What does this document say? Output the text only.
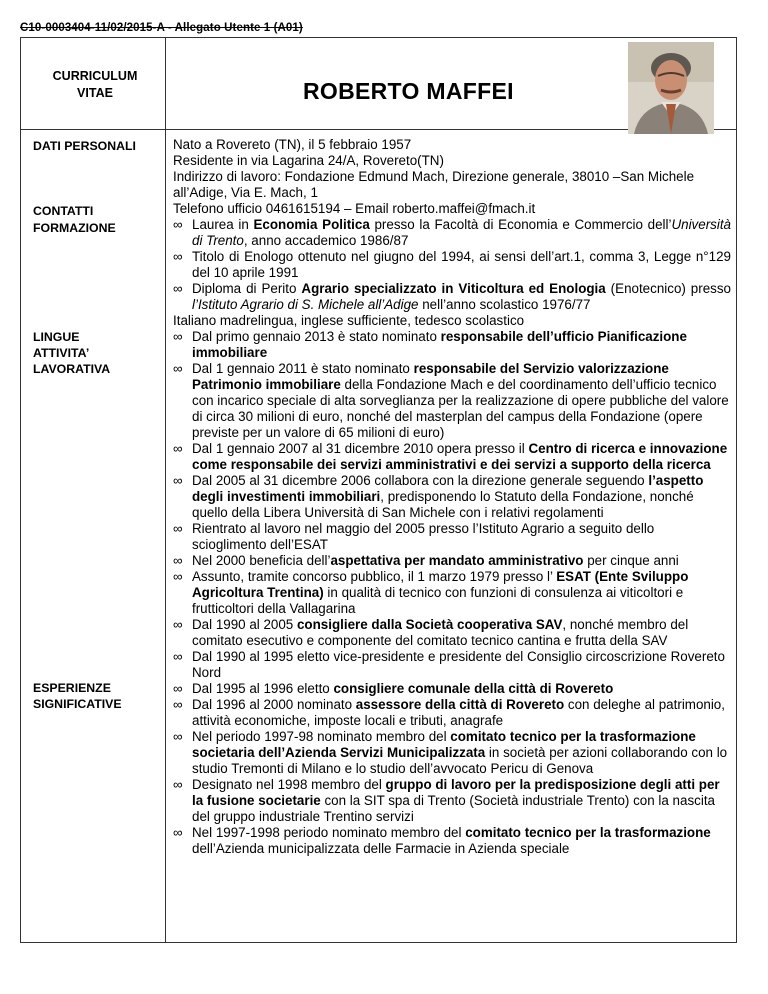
C10-0003404-11/02/2015-A - Allegato Utente 1 (A01)
CURRICULUM VITAE	ROBERTO MAFFEI
DATI PERSONALI
CONTATTI
FORMAZIONE
LINGUE
ATTIVITA’
LAVORATIVA
ESPERIENZE
SIGNIFICATIVE

Nato a Rovereto (TN), il 5 febbraio 1957

Residente in via Lagarina 24/A, Rovereto(TN)

Indirizzo di lavoro: Fondazione Edmund Mach, Direzione generale, 38010 –San Michele all’Adige, Via E. Mach, 1

Telefono ufficio 0461615194 – Email roberto.maffei@fmach.it

∞ Laurea in Economia Politica presso la Facoltà di Economia e Commercio dell’Università di Trento, anno accademico 1986/87
∞ Titolo di Enologo ottenuto nel giugno del 1994, ai sensi dell’art.1, comma 3, Legge n°129 del 10 aprile 1991
∞ Diploma di Perito Agrario specializzato in Viticoltura ed Enologia (Enotecnico) presso l’Istituto Agrario di S. Michele all’Adige nell’anno scolastico 1976/77

Italiano madrelingua, inglese sufficiente, tedesco scolastico

∞ Dal primo gennaio 2013 è stato nominato responsabile dell’ufficio Pianificazione immobiliare
∞ Dal 1 gennaio 2011 è stato nominato responsabile del Servizio valorizzazione Patrimonio immobiliare della Fondazione Mach e del coordinamento dell’ufficio tecnico con incarico speciale di alta sorveglianza per la realizzazione di opere pubbliche del valore di circa 30 milioni di euro, nonché del masterplan del campus della Fondazione (opere previste per un valore di 65 milioni di euro)
∞ Dal 1 gennaio 2007 al 31 dicembre 2010 opera presso il Centro di ricerca e innovazione come responsabile dei servizi amministrativi e dei servizi a supporto della ricerca
∞ Dal 2005 al 31 dicembre 2006 collabora con la direzione generale seguendo l’aspetto degli investimenti immobiliari, predisponendo lo Statuto della Fondazione, nonché quello della Libera Università di San Michele con i relativi regolamenti
∞ Rientrato al lavoro nel maggio del 2005 presso l’Istituto Agrario a seguito dello scioglimento dell’ESAT
∞ Nel 2000 beneficia dell’aspettativa per mandato amministrativo per cinque anni
∞ Assunto, tramite concorso pubblico, il 1 marzo 1979 presso l’ ESAT (Ente Sviluppo Agricoltura Trentina) in qualità di tecnico con funzioni di consulenza ai viticoltori e frutticoltori della Vallagarina
∞ Dal 1990 al 2005 consigliere dalla Società cooperativa SAV, nonché membro del comitato esecutivo e componente del comitato tecnico cantina e frutta della SAV
∞ Dal 1990 al 1995 eletto vice-presidente e presidente del Consiglio circoscrizione Rovereto Nord
∞ Dal 1995 al 1996 eletto consigliere comunale della città di Rovereto
∞ Dal 1996 al 2000 nominato assessore della città di Rovereto con deleghe al patrimonio, attività economiche, imposte locali e tributi, anagrafe
∞ Nel periodo 1997-98 nominato membro del comitato tecnico per la trasformazione societaria dell’Azienda Servizi Municipalizzata in società per azioni collaborando con lo studio Tremonti di Milano e lo studio dell’avvocato Pericu di Genova
∞ Designato nel 1998 membro del gruppo di lavoro per la predisposizione degli atti per la fusione societarie con la SIT spa di Trento (Società industriale Trento) con la nascita del gruppo industriale Trentino servizi
∞ Nel 1997-1998 periodo nominato membro del comitato tecnico per la trasformazione dell’Azienda municipalizzata delle Farmacie in Azienda speciale
